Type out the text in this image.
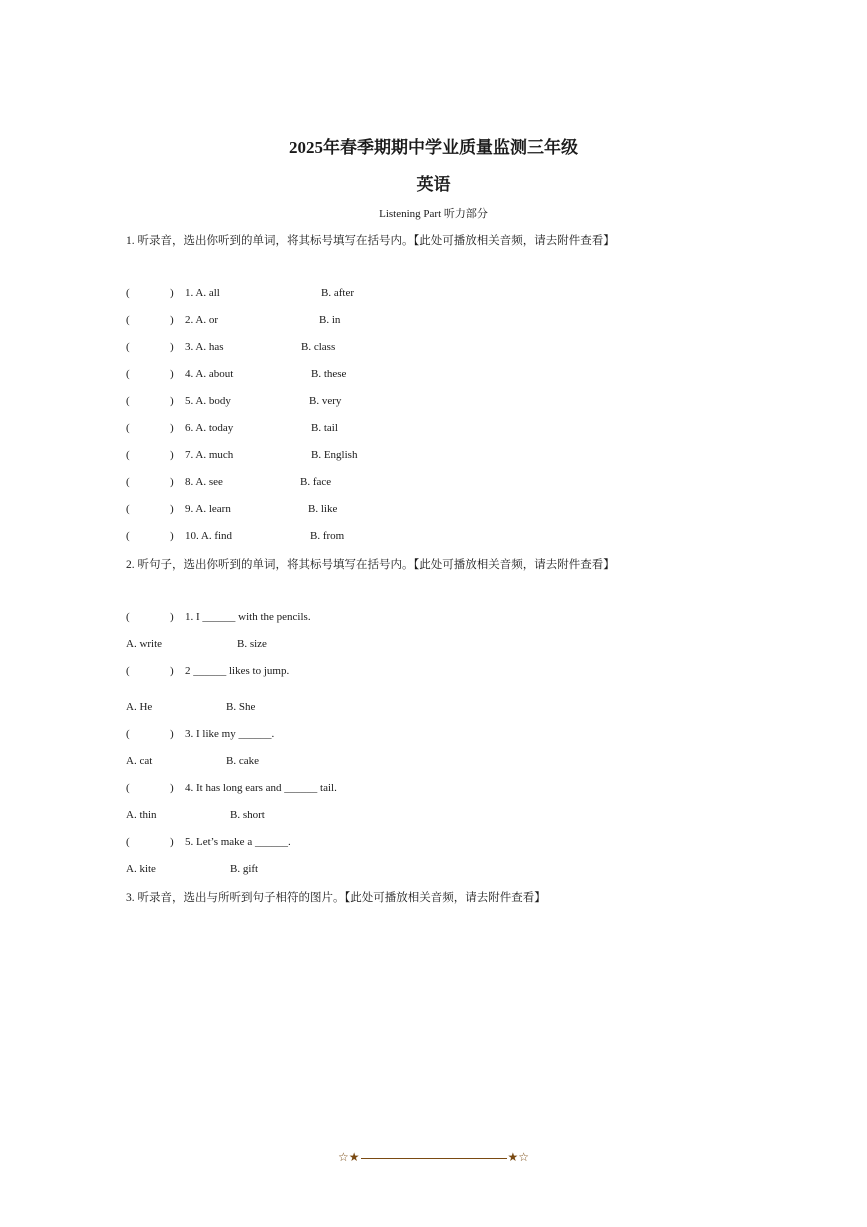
2025年春季期期中学业质量监测三年级
英语
Listening Part 听力部分
1. 听录音，选出你听到的单词，将其标号填写在括号内。【此处可播放相关音频，请去附件查看】
(	) 1. A. all	B. after
(	) 2. A. or	B. in
(	) 3. A. has	B. class
(	) 4. A. about	B. these
(	) 5. A. body	B. very
(	) 6. A. today	B. tail
(	) 7. A. much	B. English
(	) 8. A. see	B. face
(	) 9. A. learn	B. like
(	) 10. A. find	B. from
2. 听句子，选出你听到的单词，将其标号填写在括号内。【此处可播放相关音频，请去附件查看】
(	) 1. I ______ with the pencils.
A. write	B. size
(	) 2 ______ likes to jump.
A. He	B. She
(	) 3. I like my ______.
A. cat	B. cake
(	) 4. It has long ears and ______ tail.
A. thin	B. short
(	) 5. Let’s make a ______.
A. kite	B. gift
3. 听录音，选出与所听到句子相符的图片。【此处可播放相关音频，请去附件查看】
☆★	★☆
